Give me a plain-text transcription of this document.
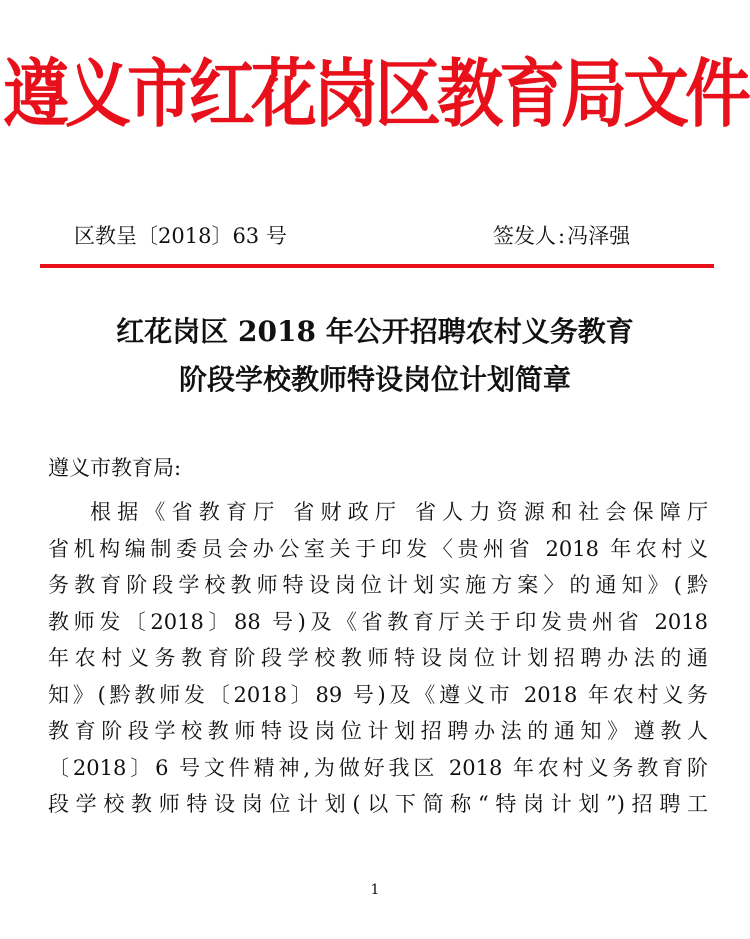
遵义市红花岗区教育局文件
区教呈〔2018〕63 号	签发人:冯泽强
红花岗区 2018 年公开招聘农村义务教育
阶段学校教师特设岗位计划简章
遵义市教育局:
根据《省教育厅 省财政厅 省人力资源和社会保障厅
省机构编制委员会办公室关于印发〈贵州省 2018 年农村义
务教育阶段学校教师特设岗位计划实施方案〉的通知》(黔
教师发〔2018〕88 号)及《省教育厅关于印发贵州省 2018
年农村义务教育阶段学校教师特设岗位计划招聘办法的通
知》(黔教师发〔2018〕89 号)及《遵义市 2018 年农村义务
教育阶段学校教师特设岗位计划招聘办法的通知》遵教人
〔2018〕6 号文件精神,为做好我区 2018 年农村义务教育阶
段学校教师特设岗位计划(以下简称“特岗计划”)招聘工
1
